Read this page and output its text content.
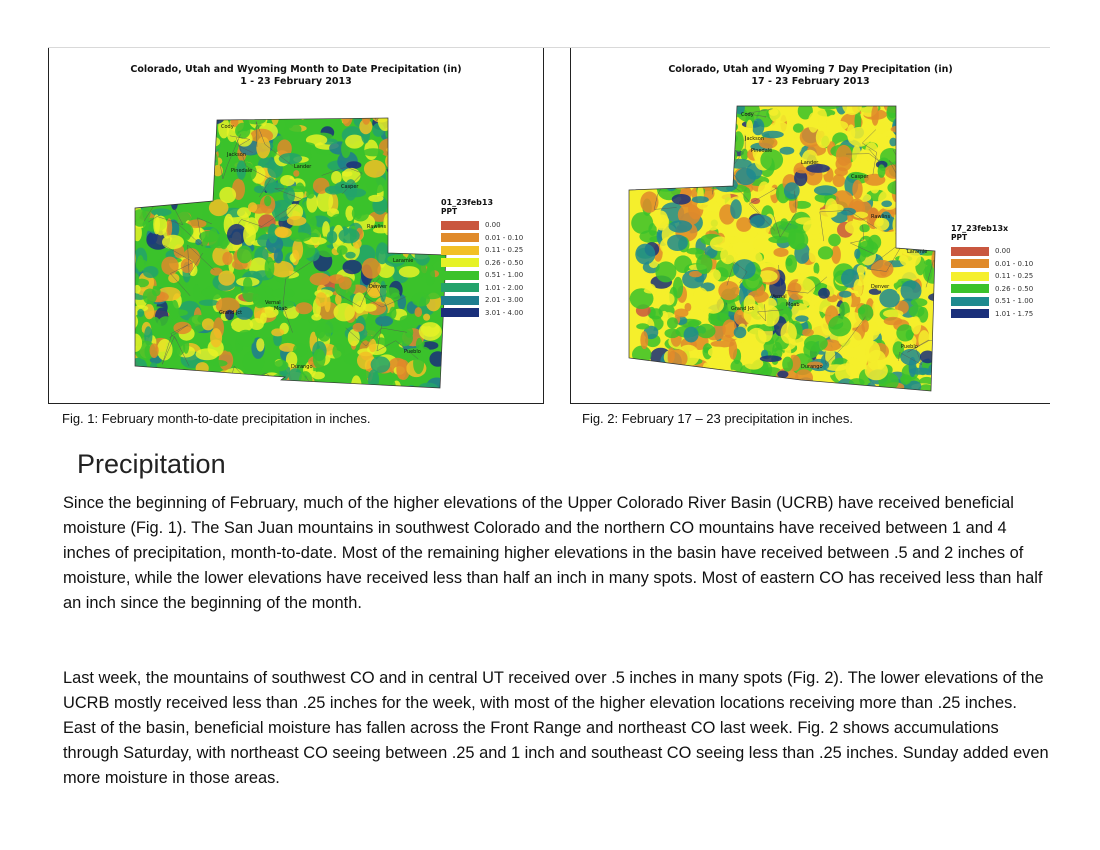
Colorado, Utah and Wyoming Month to Date Precipitation (in)
1 - 23 February 2013
Cody
Jackson
Pinedale
Lander
Casper
Rawlins
Laramie
Vernal
Moab
Grand Jct
Denver
Durango
Pueblo
01_23feb13
PPT
0.00
0.01 - 0.10
0.11 - 0.25
0.26 - 0.50
0.51 - 1.00
1.01 - 2.00
2.01 - 3.00
3.01 - 4.00
Fig. 1: February month-to-date precipitation in inches.
Colorado, Utah and Wyoming 7 Day Precipitation (in)
17 - 23 February 2013
Cody
Jackson
Pinedale
Lander
Casper
Rawlins
Laramie
Vernal
Moab
Grand Jct
Denver
Durango
Pueblo
17_23feb13x
PPT
0.00
0.01 - 0.10
0.11 - 0.25
0.26 - 0.50
0.51 - 1.00
1.01 - 1.75
Fig. 2: February 17 – 23 precipitation in inches.
Precipitation

Since the beginning of February, much of the higher elevations of the Upper Colorado River Basin (UCRB) have received beneficial moisture (Fig. 1). The San Juan mountains in southwest Colorado and the northern CO mountains have received between 1 and 4 inches of precipitation, month-to-date. Most of the remaining higher elevations in the basin have received between .5 and 2 inches of moisture, while the lower elevations have received less than half an inch in many spots. Most of eastern CO has received less than half an inch since the beginning of the month.

Last week, the mountains of southwest CO and in central UT received over .5 inches in many spots (Fig. 2). The lower elevations of the UCRB mostly received less than .25 inches for the week, with most of the higher elevation locations receiving more than .25 inches. East of the basin, beneficial moisture has fallen across the Front Range and northeast CO last week. Fig. 2 shows accumulations through Saturday, with northeast CO seeing between .25 and 1 inch and southeast CO seeing less than .25 inches. Sunday added even more moisture in those areas.
